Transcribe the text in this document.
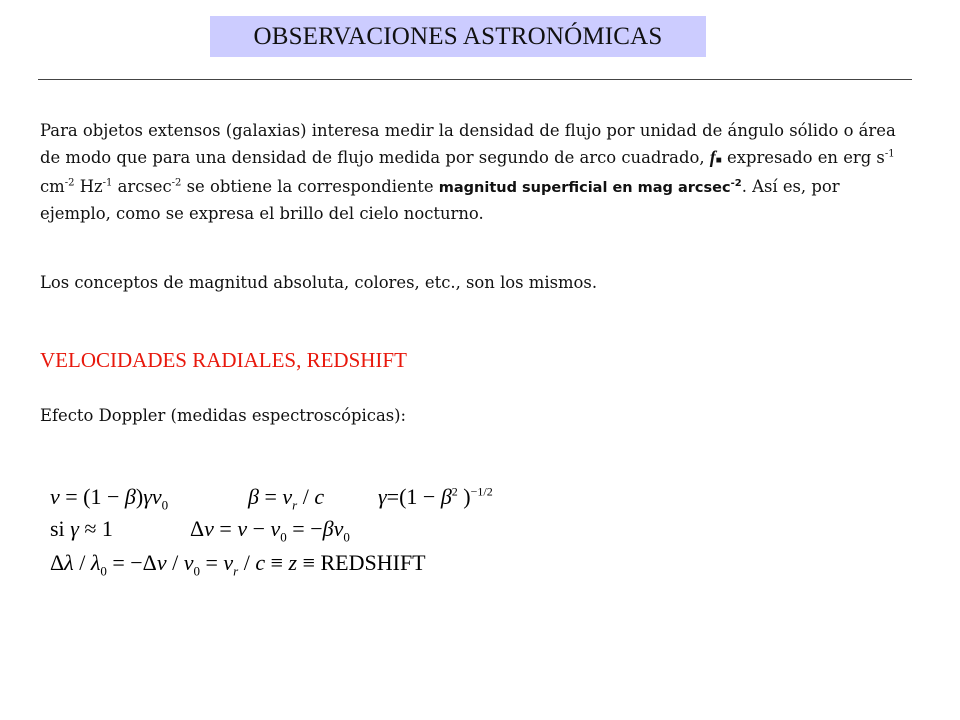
OBSERVACIONES ASTRONÓMICAS

Para objetos extensos (galaxias) interesa medir la densidad de flujo por unidad de ángulo sólido o área de modo que para una densidad de flujo medida por segundo de arco cuadrado, f■ expresado en erg $s^{-1}$ $cm^{-2}$ $Hz^{-1}$ arcsec$^{-2}$ se obtiene la correspondiente magnitud superficial en mag arcsec$^{-2}$. Así es, por ejemplo, como se expresa el brillo del cielo nocturno.

Los conceptos de magnitud absoluta, colores, etc., son los mismos.

VELOCIDADES RADIALES, REDSHIFT

Efecto Doppler (medidas espectroscópicas):

$\nu = (1 - \beta)\gamma\nu_0$	$\beta = v_r / c$ $\gamma=(1 - \beta^2$ )$^{-1/2}$
si γ ≈ 1	$\Delta\nu = \nu - \nu_0 = -\beta\nu_0$
$\Delta\lambda / \lambda_0 = -\Delta\nu / \nu_0 = v_r / c \equiv z$ ≡ REDSHIFT
